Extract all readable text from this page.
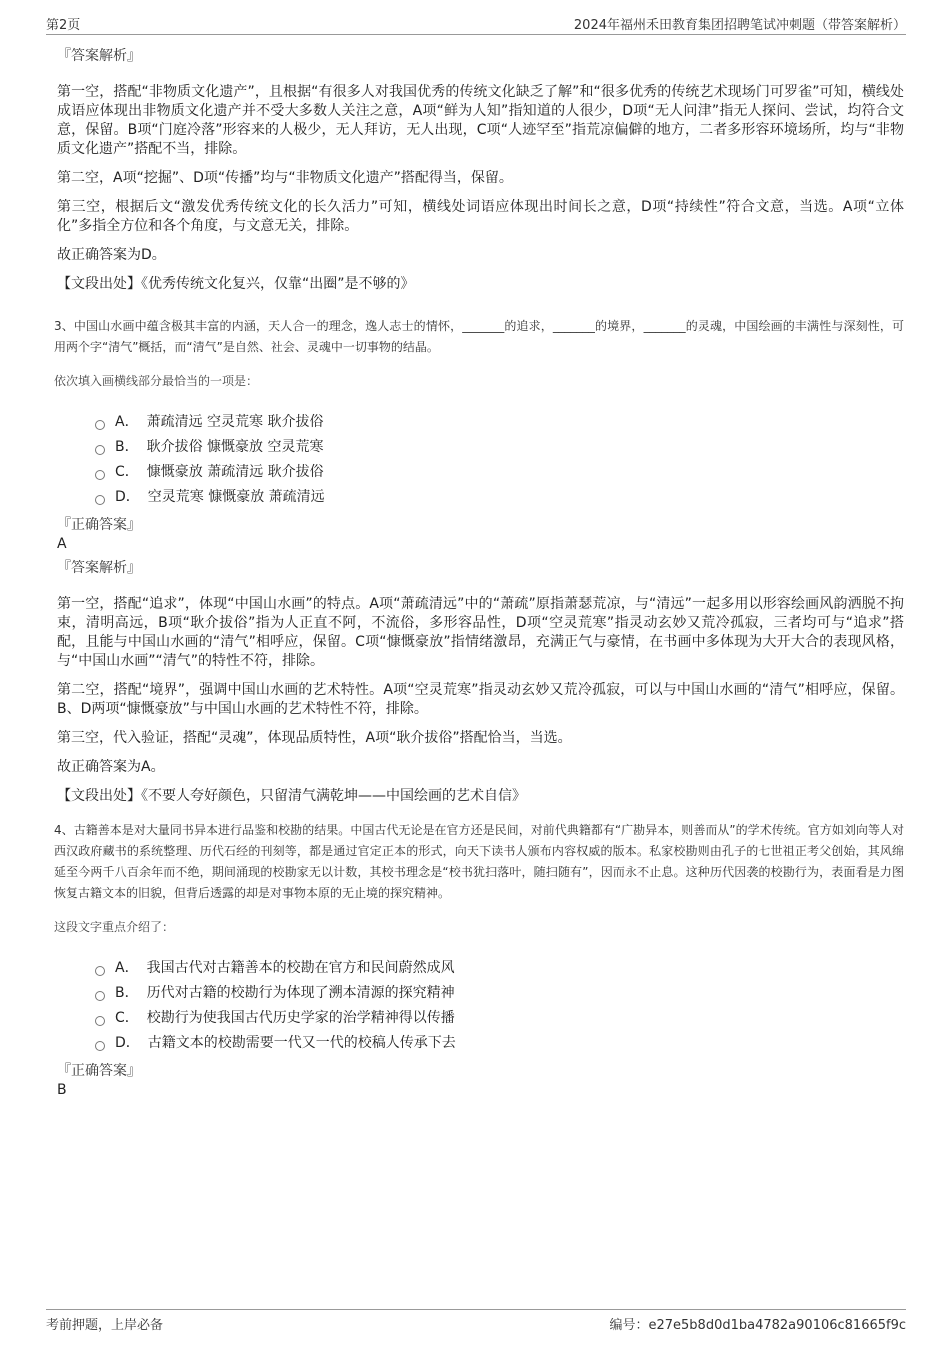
第2页	2024年福州禾田教育集团招聘笔试冲刺题（带答案解析）
『答案解析』

第一空，搭配“非物质文化遗产”，且根据“有很多人对我国优秀的传统文化缺乏了解”和“很多优秀的传统艺术现场门可罗雀”可知，横线处成语应体现出非物质文化遗产并不受大多数人关注之意，A项“鲜为人知”指知道的人很少，D项“无人问津”指无人探问、尝试，均符合文意，保留。B项“门庭冷落”形容来的人极少，无人拜访，无人出现，C项“人迹罕至”指荒凉偏僻的地方，二者多形容环境场所，均与“非物质文化遗产”搭配不当，排除。

第二空，A项“挖掘”、D项“传播”均与“非物质文化遗产”搭配得当，保留。

第三空，根据后文“激发优秀传统文化的长久活力”可知，横线处词语应体现出时间长之意，D项“持续性”符合文意，当选。A项“立体化”多指全方位和各个角度，与文意无关，排除。

故正确答案为D。

【文段出处】《优秀传统文化复兴，仅靠“出圈”是不够的》

3、中国山水画中蕴含极其丰富的内涵，天人合一的理念，逸人志士的情怀，_______的追求，_______的境界，_______的灵魂，中国绘画的丰满性与深刻性，可用两个字“清气”概括，而“清气”是自然、社会、灵魂中一切事物的结晶。

依次填入画横线部分最恰当的一项是：

A． 萧疏清远 空灵荒寒 耿介拔俗
B． 耿介拔俗 慷慨豪放 空灵荒寒
C． 慷慨豪放 萧疏清远 耿介拔俗
D． 空灵荒寒 慷慨豪放 萧疏清远
『正确答案』
A
『答案解析』

第一空，搭配“追求”，体现“中国山水画”的特点。A项“萧疏清远”中的“萧疏”原指萧瑟荒凉，与“清远”一起多用以形容绘画风韵洒脱不拘束，清明高远，B项“耿介拔俗”指为人正直不阿，不流俗，多形容品性，D项“空灵荒寒”指灵动玄妙又荒冷孤寂，三者均可与“追求”搭配，且能与中国山水画的“清气”相呼应，保留。C项“慷慨豪放”指情绪激昂，充满正气与豪情，在书画中多体现为大开大合的表现风格，与“中国山水画”“清气”的特性不符，排除。

第二空，搭配“境界”，强调中国山水画的艺术特性。A项“空灵荒寒”指灵动玄妙又荒冷孤寂，可以与中国山水画的“清气”相呼应，保留。B、D两项“慷慨豪放”与中国山水画的艺术特性不符，排除。

第三空，代入验证，搭配“灵魂”，体现品质特性，A项“耿介拔俗”搭配恰当，当选。

故正确答案为A。

【文段出处】《不要人夸好颜色，只留清气满乾坤——中国绘画的艺术自信》

4、古籍善本是对大量同书异本进行品鉴和校勘的结果。中国古代无论是在官方还是民间，对前代典籍都有“广勘异本，则善而从”的学术传统。官方如刘向等人对西汉政府藏书的系统整理、历代石经的刊刻等，都是通过官定正本的形式，向天下读书人颁布内容权威的版本。私家校勘则由孔子的七世祖正考父创始，其风绵延至今两千八百余年而不绝，期间涌现的校勘家无以计数，其校书理念是“校书犹扫落叶，随扫随有”，因而永不止息。这种历代因袭的校勘行为，表面看是力图恢复古籍文本的旧貌，但背后透露的却是对事物本原的无止境的探究精神。

这段文字重点介绍了：

A． 我国古代对古籍善本的校勘在官方和民间蔚然成风
B． 历代对古籍的校勘行为体现了溯本清源的探究精神
C． 校勘行为使我国古代历史学家的治学精神得以传播
D． 古籍文本的校勘需要一代又一代的校稿人传承下去
『正确答案』
B
考前押题，上岸必备	编号：e27e5b8d0d1ba4782a90106c81665f9c
